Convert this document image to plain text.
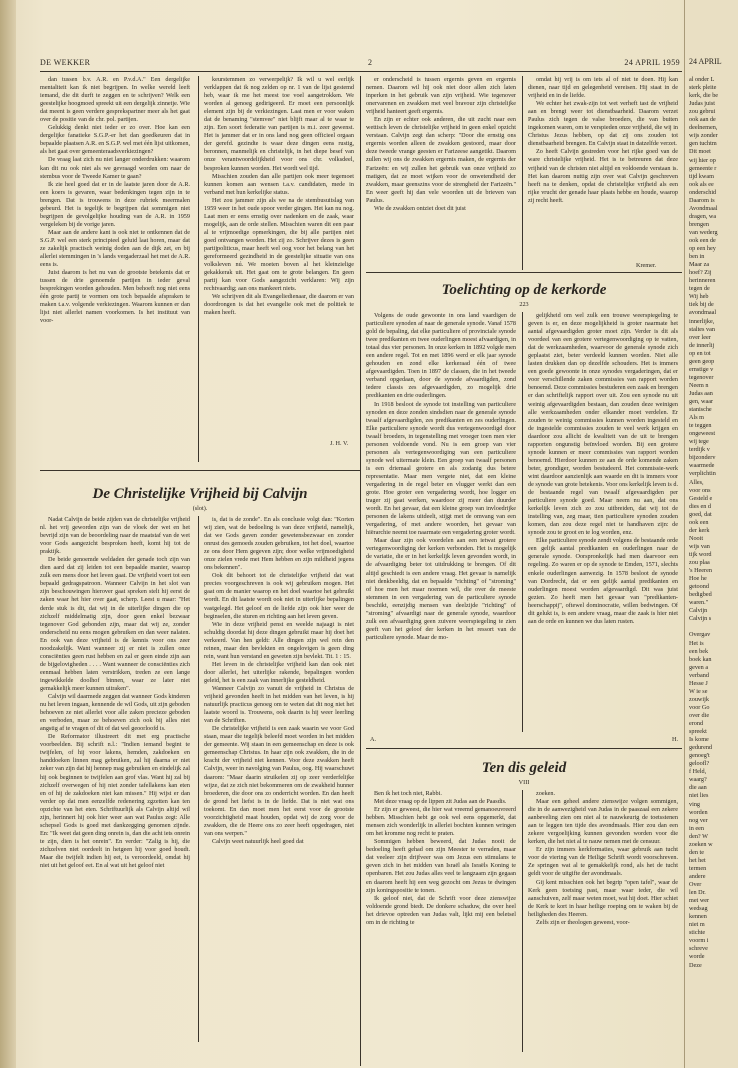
DE WEKKER	2	24 APRIL 1959

dan tussen b.v. A.R. en P.v.d.A." Een dergelijke mentaliteit kan ik niet begrijpen. In welke wereld leeft iemand, die dit durft te zeggen en te schrijven? Welk een geestelijke hoogmoed spreekt uit een dergelijk zinnetje. Wie dat meent is geen verdere gesprekspartner meer als het gaat over de positie van de chr. pol. partijen.

Gelukkig denkt niet ieder er zo over. Hoe kan een dergelijke fanatieke S.G.P.-er het dan goedkeuren dat in bepaalde plaatsen A.R. en S.G.P. wel met één lijst uitkomen, als het gaat over gemeenteraadsverkiezingen?

De vraag laat zich nu niet langer onderdrukken: waarom kan dit nu ook niet als we gevraagd worden om naar de stembus voor de Tweede Kamer te gaan?

Ik zie heel goed dat er in de laatste jaren door de A.R. een koers is gevaren, waar bedenkingen tegen zijn in te brengen. Dat is trouwens in deze rubriek meermalen gebeurd. Het is tegelijk te begrijpen dat sommigen niet begrijpen de gevolgelijke houding van de A.R. in 1959 vergeleken bij de vorige jaren.

Maar aan de andere kant is ook niet te ontkennen dat de S.G.P. wel een sterk principieel geluid laat horen, maar dat ze zakelijk practisch weinig doden aan de dijk zet, en bij allerlei stemmingen in 's lands vergaderzaal het met de A.R. eens is.

Juist daarom is het nu van de grootste betekenis dat er tussen de drie genoemde partijen in ieder geval besprekingen worden gehouden. Men behoeft nog niet eens één grote partij te vormen om toch bepaalde afspraken te maken t.a.v. volgende verkiezingen. Waarom kunnen er dan lijst niet allerlei namen voorkomen. Is het instituut van voor-

keurstemmen zo verwerpelijk? Ik wil u wel eerlijk verklappen dat ik nog zelden op nr. 1 van de lijst gestemd heb, waar ik me het meest toe voel aangetrokken. We worden al genoeg gedirigeerd. Er moet een persoonlijk element zijn bij de verkiezingen. Laat men er voor waken dat de benaming "stemvee" niet blijft maar al te waar te zijn. Een soort federatie van partijen is m.i. zeer gewenst. Het is jammer dat er in ons land nog geen officieel orgaan der gerefd. gezindte is waar deze dingen eens rustig, beronnen, manmelijk en christelijk, in het diepe besef van onze verantwoordelijkheid voor ons chr. volksdeel, besproken kunnen worden. Het wordt wel tijd.

Misschien zouden dan alle partijen ook meer tegemoet kunnen komen aan wensen t.a.v. candidaten, mede in verband met hun kerkelijke status.

Het zou jammer zijn als we na de stembusuitslag van 1959 weer in het oude spoor verder gingen. Het kan nu nog. Laat men er eens ernstig over nadenken en de zaak, waar mogelijk, aan de orde stellen. Misschien waren dit een paar al te vrijmoedige opmerkingen, die bij alle partijen niet goed ontvangen worden. Het zij zo. Schrijver dezes is geen partijpoliticus, maar heeft wel oog voor het belang van het gereformeerd gezindheid in de geestelijke situatie van ons volksleven nú. We moeten boven al het kleinzielige gekakkerak uit. Het gaat om te grote belangen. En geen partij kan voor Gods aangezicht verklaren: Wij zijn rechtvaardig; aan ons mankeert niets.

We schrijven dit als Evangeliedienaar, die daarom er van doordrongen is dat het evangelie ook met de politiek te maken heeft.

J. H. V.

er onderscheid is tussen ergernis geven en ergernis nemen. Daarom wil hij ook niet door allen zich laten inperken in het gebruik van zijn vrijheid. Wie tegenover onervarenen en zwakken met veel bravour zijn christelijke vrijheid hanteert geeft ergernis.

En zijn er echter ook anderen, die uit zucht naar een wettisch leven de christelijke vrijheid in geen enkel opzicht verstaan. Calvijn zegt dan scherp: "Door die ernstig ons ergernis worden alleen de zwakken gestoord, maar door deze tweede vrange geesten er Farizeese aangetikt. Daarom zullen wij ons de zwakken ergernis maken, de ergernis der Farizeën: en wij zullen het gebruik van onze vrijheid zo matigen, dat ze moet wijken voor de onwetendheid der zwakken, maar geenszins voor de strengheid der Farizeën." En weer geeft hij dan vele woorden uit de brieven van Paulus.

Wie de zwakken ontziet doet dit juist

omdat hij vrij is om iets al of niet te doen. Hij kan dienen, naar tijd en gelegenheid vereisen. Hij staat in de vrijheid en in de liefde.

We echter het zwak-zijn tot wet verheft tast de vrijheid aan en brengt weer tot dienstbaarheid. Daarom verzet Paulus zich tegen de valse broeders, die van buiten ingekomen waren, om te verspieden onze vrijheid, die wij in Christus Jezus hebben, op dat zij ons zouden tot dienstbaarheid brengen. En Calvijn staat in datzelfde verzet.

Zo heeft Calvijn gestreden voor het rijke goed van de ware christelijke vrijheid. Het is te betreuren dat deze vrijheid van de christen niet altijd en voldoende verstaan is. Het kan daarom nuttig zijn over wat Calvijn geschreven heeft na te denken, opdat de christelijke vrijheid als een rijke vrucht der genade haar plaats hebbe en houde, waarop zij recht heeft.

Kremer.
Toelichting op de kerkorde
223

Volgens de oude gewoonte in ons land vaardigen de particuliere synoden af naar de generale synode. Vanaf 1578 gold de bepaling, dat elke particuliere of provinciale synode twee predikanten en twee ouderlingen moest afvaardigen, in totaal dus vier personen. In onze kerken in 1892 volgde men een andere regel. Tot en met 1896 werd er elk jaar synode gehouden en zond elke kerkeraad één of twee afgevaardigden. Toen in 1897 de classen, die in het tweede verband opgedaan, door de synode afvaardigden, zond iedere classis zes afgevaardigden, zo mogelijk drie predikanten en drie ouderlingen.

In 1918 besloot de synode tot instelling van particuliere synoden en deze zonden sindsdien naar de generale synode twaalf afgevaardigden, zes predikanten en zes ouderlingen. Elke particuliere synode wordt dus vertegenwoordigd door twaalf broeders, in tegenstelling met vroeger toen men vier personen voldoende vond. Nu is een groep van vier personen als vertegenwoordiging van een particuliere synode wel uitermate klein. Een groep van twaalf personen is een driemaal grotere en als zodanig dus betere representatie. Maar men vergete niet, dat een kleine vergadering in de regel beter en vlugger werkt dan een grote. Hoe groter een vergadering wordt, hoe logger en trager zij gaat werken, waardoor zij meer dan duurder wordt. En het gevaar, dat een kleine groep van invloedrijke personen de lakens uitdeelt, stijgt met de omvang van een vergadering, of met andere woorden, het gevaar van hiërarchie neemt toe naarmate een vergadering groter wordt.

Maar daar zijn ook voordelen aan een ietwat grotere vertegenwoordiging der kerken verbonden. Het is mogelijk de variatie, die er in het kerkelijk leven gevonden wordt, in de afvaardiging beter tot uitdrukking te brengen. Of dit altijd geschiedt is een andere vraag. Het gevaar is namelijk niet denkbeeldig, dat en bepaalde "richting" of "stroming" of hoe men het maar noemen wil, die over de meeste stemmen in een vergadering van de particuliere synode beschikt, eenzijdig mensen van deelzijde "richting" of "stroming" afvaardigt naar de generale synode, waardoor zulk een afvaardiging geen zuivere weerspiegeling te zien geeft van het geloof der kerken in het ressort van de particuliere synode. Maar de mo-

gelijkheid om wel zulk een trouwe weerspiegeling te geven is er, en deze mogelijkheid is groter naarmate het aantal afgevaardigden groter moet zijn. Verder is dit als voordeel van een grotere vertegenwoordiging op te vatten, dat de werkzaamheden, waarvoor de generale synode zich geplaatst ziet, beter verdeeld kunnen worden. Niet alle lasten drukken dan op dezelfde schouders. Het is immers een goede gewoonte in onze synodes vergaderingen, dat er voor verschillende zaken commissies van rapport worden benoemd. Deze commissies bestuderen een zaak en brengen er dan schriftelijk rapport over uit. Zou een synode nu uit weinig afgevaardigden bestaan, dan zouden deze weinigen alle werkzaamheden onder elkander moet verdelen. Er zouden te weinig commissies kunnen worden ingesteld en de ingestelde commissies zouden te veel werk krijgen en daardoor zou allicht de kwaliteit van de uit te brengen rapporten ongunstig beïnvloed worden. Bij een grotere synode kunnen er meer commissies van rapport worden benoemd. Hierdoor kunnen ze aan de orde komende zaken beter, grondiger, worden bestudeerd. Het commissie-werk wint daardoor aanzienlijk aan waarde en dit is immers voor de synode van grote betekenis. Voor ons kerkelijk leven is d. de bestaande regel van twaalf afgevaardigden per particuliere synode goed. Maar neem nu aan, dat ons kerkelijk leven zich zo zou uitbreiden, dat wij tot de instelling van, zeg maar, tien particuliere synoden zouden komen, dan zou deze regel niet te handhaven zijn: de synode zou te groot en te log worden, enz.

Elke particuliere synode zendt volgens de bestaande orde een gelijk aantal predikanten en ouderlingen naar de generale synode. Oorspronkelijk had men daarvoor een regeling. Zo waren er op de synode te Emden, 1571, slechts enkele ouderlingen aanwezig. In 1578 besloot de synode van Dordrecht, dat er een gelijk aantal predikanten en ouderlingen moest worden afgevaardigd. Dit was juist gezien. Zo heeft men het gevaar van "predikanten-heerschappij", oftewel dominocratie, willen bedwingen. Of dit gelukt is, is een andere vraag, maar die zaak is hier niet aan de orde en kunnen we dus laten rusten.

A.	H.
De Christelijke Vrijheid bij Calvijn
(slot).

Nadat Calvijn de beide zijden van de christelijke vrijheid nl. het vrij geworden zijn van de vloek der wet en het bevrijd zijn van de beoordeling naar de maatstaf van de wet voor Gods aangezicht besproken heeft, komt hij tot de praktijk.

De beide genoemde weldaden der genade toch zijn van dien aard dat zij leiden tot een bepaalde manier, waarop zulk een mens door het leven gaat. De vrijheid voert tot een bepaald gedragspatroon. Wanneer Calvijn in het slot van zijn beschouwingen hierover gaat spreken stelt hij eerst de zaken waar het hier over gaat, scherp. Leest u maar: "Het derde stuk is dit, dat wij in de uiterlijke dingen die op zichzelf middelmatig zijn, door geen enkel bezwaar tegenover God gebonden zijn, maar dat wij ze, zonder onderscheid nu eens mogen gebruiken en dan weer nalaten. En ook van deze vrijheid is de kennis voor ons zeer noodzakelijk. Want wanneer zij er niet is zullen onze consciënties geen rust hebben en zal er geen einde zijn aan de bijgelovigheden . . . . Want wanneer de consciënties zich eenmaal hebben laten verstrikken, treden ze een lange ingewikkelde doolhof binnen, waar ze later niet gemakkelijk meer kunnen uitraken".

Calvijn wil daarmede zeggen dat wanneer Gods kinderen nu het leven ingaan, kennende de wil Gods, uit zijn geboden behoeven ze niet allerlei voor alle zaken precieze geboden en verboden, maar ze behoeven zich ook bij alles niet angstig af te vragen of dit of dat wel geoorloofd is.

De Reformator illustreert dit met erg practische voorbeelden. Bij schrift n.l.: "Indien iemand begint te twijfelen, of hij voor lakens, hemden, zakdoeken en handdoeken linnen mag gebruiken, zal hij daarna er niet zeker van zijn dat hij hennep mag gebruiken en eindelijk zal hij ook beginnen te twijfelen aan grof vlas. Want hij zal bij zichzelf overwegen of hij niet zonder tafellakens kan eten en of hij de zakdoeken niet kan missen." Hij wijst er dan verder op dat men eenzelfde redenering zgzetten kan ten opzichte van het eten. Schriftuurlijk als Calvijn altijd wil zijn, herinnert hij ook hier weer aan wat Paulus zegt: Alle schepsel Gods is goed met dankzegging genomen zijnde. En: "Ik weet dat geen ding onrein is, dan die acht iets onrein te zijn, dien is het onrein". En verder: "Zalig is hij, die zichzelven niet oordeelt in hetgeen hij voor goed houdt. Maar die twijfelt indien hij eet, is veroordeeld, omdat hij niet uit het geloof eet. En al wat uit het geloof niet

is, dat is de zonde". En als conclusie volgt dan: "Korten wij zien, wat de bedoeling is van deze vrijheid, namelijk, dat we Gods gaven zonder gewetensbezwaar en zonder onrust des gemoeds zouden gebruiken, tot het doel, waartoe ze ons door Hem gegeven zijn; door welke vrijmoedigheid onze zielen vrede met Hem hebben en zijn mildheid jegens ons bekennen".

Ook dit behoort tot de christelijke vrijheid dat wat precies voorgeschreven is ook wij gebruiken mogen. Het gaat om de manier waarop en het doel waartoe het gebruikt wordt. En dit laatste wordt ook niet in uiterlijke bepalingen vastgelegd. Het geloof en de liefde zijn ook hier weer de beginselen, die sturen en richting aan het leven geven.

Wie in deze vrijheid penst en weelde najaagt is niet schuldig doordat hij deze dingen gebruikt maar hij doet het verkeerd. Van hen geldt: Alle dingen zijn wel rein den reinen, maar den bevlekten en ongelovigen is geen ding rein, want hun verstand en geweten zijn bevlekt. Tit. 1 : 15.

Het leven in de christelijke vrijheid kan dan ook niet door allerlei, het uiterlijke rakende, bepalingen worden geleid, het is een zaak van innerlijke gesteldheid.

Wanneer Calvijn zo vanuit de vrijheid in Christus de vrijheid gevonden heeft in het midden van het leven, is hij natuurlijk practicus genoeg om te weten dat dit nog niet het laatste woord is. Trouwens, ook daarin is hij weer leerling van de Schriften.

De christelijke vrijheid is een zaak waarin we voor God staan, maar die tegelijk beleefd moet worden in het midden der gemeente. Wij staan in een gemeenschap en deze is ook gemeenschap Christus. In haar zijn ook zwakken, die in de kracht der vrijheid niet kennen. Voor deze zwakken heeft Calvijn, weer in navolging van Paulus, oog. Hij waarschuwt daarom: "Maar daarin struikelen zij op zeer verderfelijke wijze, dat ze zich niet bekommeren om de zwakheid hunner broederen, die door ons zo onderricht worden. En dan heeft de grond het liefst is in de liefde. Dat is niet wat ons toekomt. En dan moet men het eerst voor de grootste voorzichtigheid maat houden, opdat wij de zorg voor de zwakken, die de Heere ons zo zeer heeft opgedragen, niet van ons werpen."

Calvijn weet natuurlijk heel goed dat

Ten dis geleid
VIII

Ben ik het toch niet, Rabbi.

Met deze vraag op de lippen zit Judas aan de Paasdis.

Er zijn er geweest, die hier wat vreemd gemanoeuvreerd hebben. Misschien hebt ge ook wel eens opgemerkt, dat mensen zich wonderlijk in allerlei bochten kunnen wringen om het kromme nog recht te praten.

Sommigen hebben beweerd, dat Judas nooit de bedoeling heeft gehad om zijn Meester te verraden, maar dat veeleer zijn drijfveer was om Jezus een stimulans te geven zich in het midden van Israël als Israëls Koning te openbaren. Het zou Judas alles veel te langzaam zijn gegaan en daarom heeft hij een weg gezocht om Jezus te dwingen zijn koningspositie te tonen.

Ik geloof niet, dat de Schrift voor deze zienswijze voldoende grond biedt. De donkere schaduw, die over heel het drievoe optreden van Judas valt, lijkt mij een beletsel om in de richting te

zoeken.

Maar een geheel andere zienswijze volgen sommigen, die in de aanwezigheid van Judas in de paaszaal een zekere aanbeveling zien om niet al te nauwkeurig de toetsstenen aan te leggen ten tijde des avondmaals. Hier zou dan een zekere vergoelijking kunnen gevonden worden voor die kerken, die het niet al te nauw nemen met de censuur.

Er zijn immers kerkformaties, waar gebruik aan tucht voor de viering van de Heilige Schrift wordt voorschreven. Ze springen wat al te gemakkelijk rond, als het de tucht geldt voor de uitgifte der avondmaals.

Gij kent misschien ook het begrip "open tafel", waar de Kerk geen toetsing past, maar waar ieder, die wil aanschuiven, zelf maar weten moet, wat hij doet. Hier schiet de Kerk te kort in haar heilige roeping om te waken bij de heiligheden des Heeren.

Zelfs zijn er theologen geweest, voor-

24 APRIL
al onder L
sterk pleite
kerk, die be
Judas juist
zou gebrui
ook aan de
deelnemen,
wijs zonder
gen tuchtm
Dit moet
wij hier op
gemeente r
tijd kwam
ook als ee
onderschid
Daarom is
Avondmaal
dragen, wa
brengen
van wederg
ook een de
op een hey
ben in
Maar za
hoef? Zij
herinneren
tegen de
Wij heb
tiek bij de
avondmaal
innerlijke,
staltes van
over leer
de innerlij
op en tot
geen geop
ernstige v
tegenover
Neem n
Judas aan
gen, waar
stanische
Als m
te teggen
ongeweest
wij tege
terdijk v
bijzonderv
waarmede
verplichtin
Alles,
voor ons
Gesteld e
dies en d
goed, dat
ook een
der kerk
Nooit
wijs van
tijk word
zou plaa
's Heeren
Hoe he
getoond
bedigbed
waren."
Calvijn
Calvijn s
Overgav
Het is
een bek
boek kan
geven a
verband
Hesse J
W ie se
zouwijk
voor Go
over die
erond
spreekt
Is kome
gedurend
genoeg't
geloofl?
f Held,
waarg?
die aan
niet lies
ving
worden
nog ver
in een
den? W
zoeken w
den te
het het
termen
andere
Over
len Dr.
met wer
wedsag
kennen
niet m
stichte
voorm i
schreve
worde
Deze
